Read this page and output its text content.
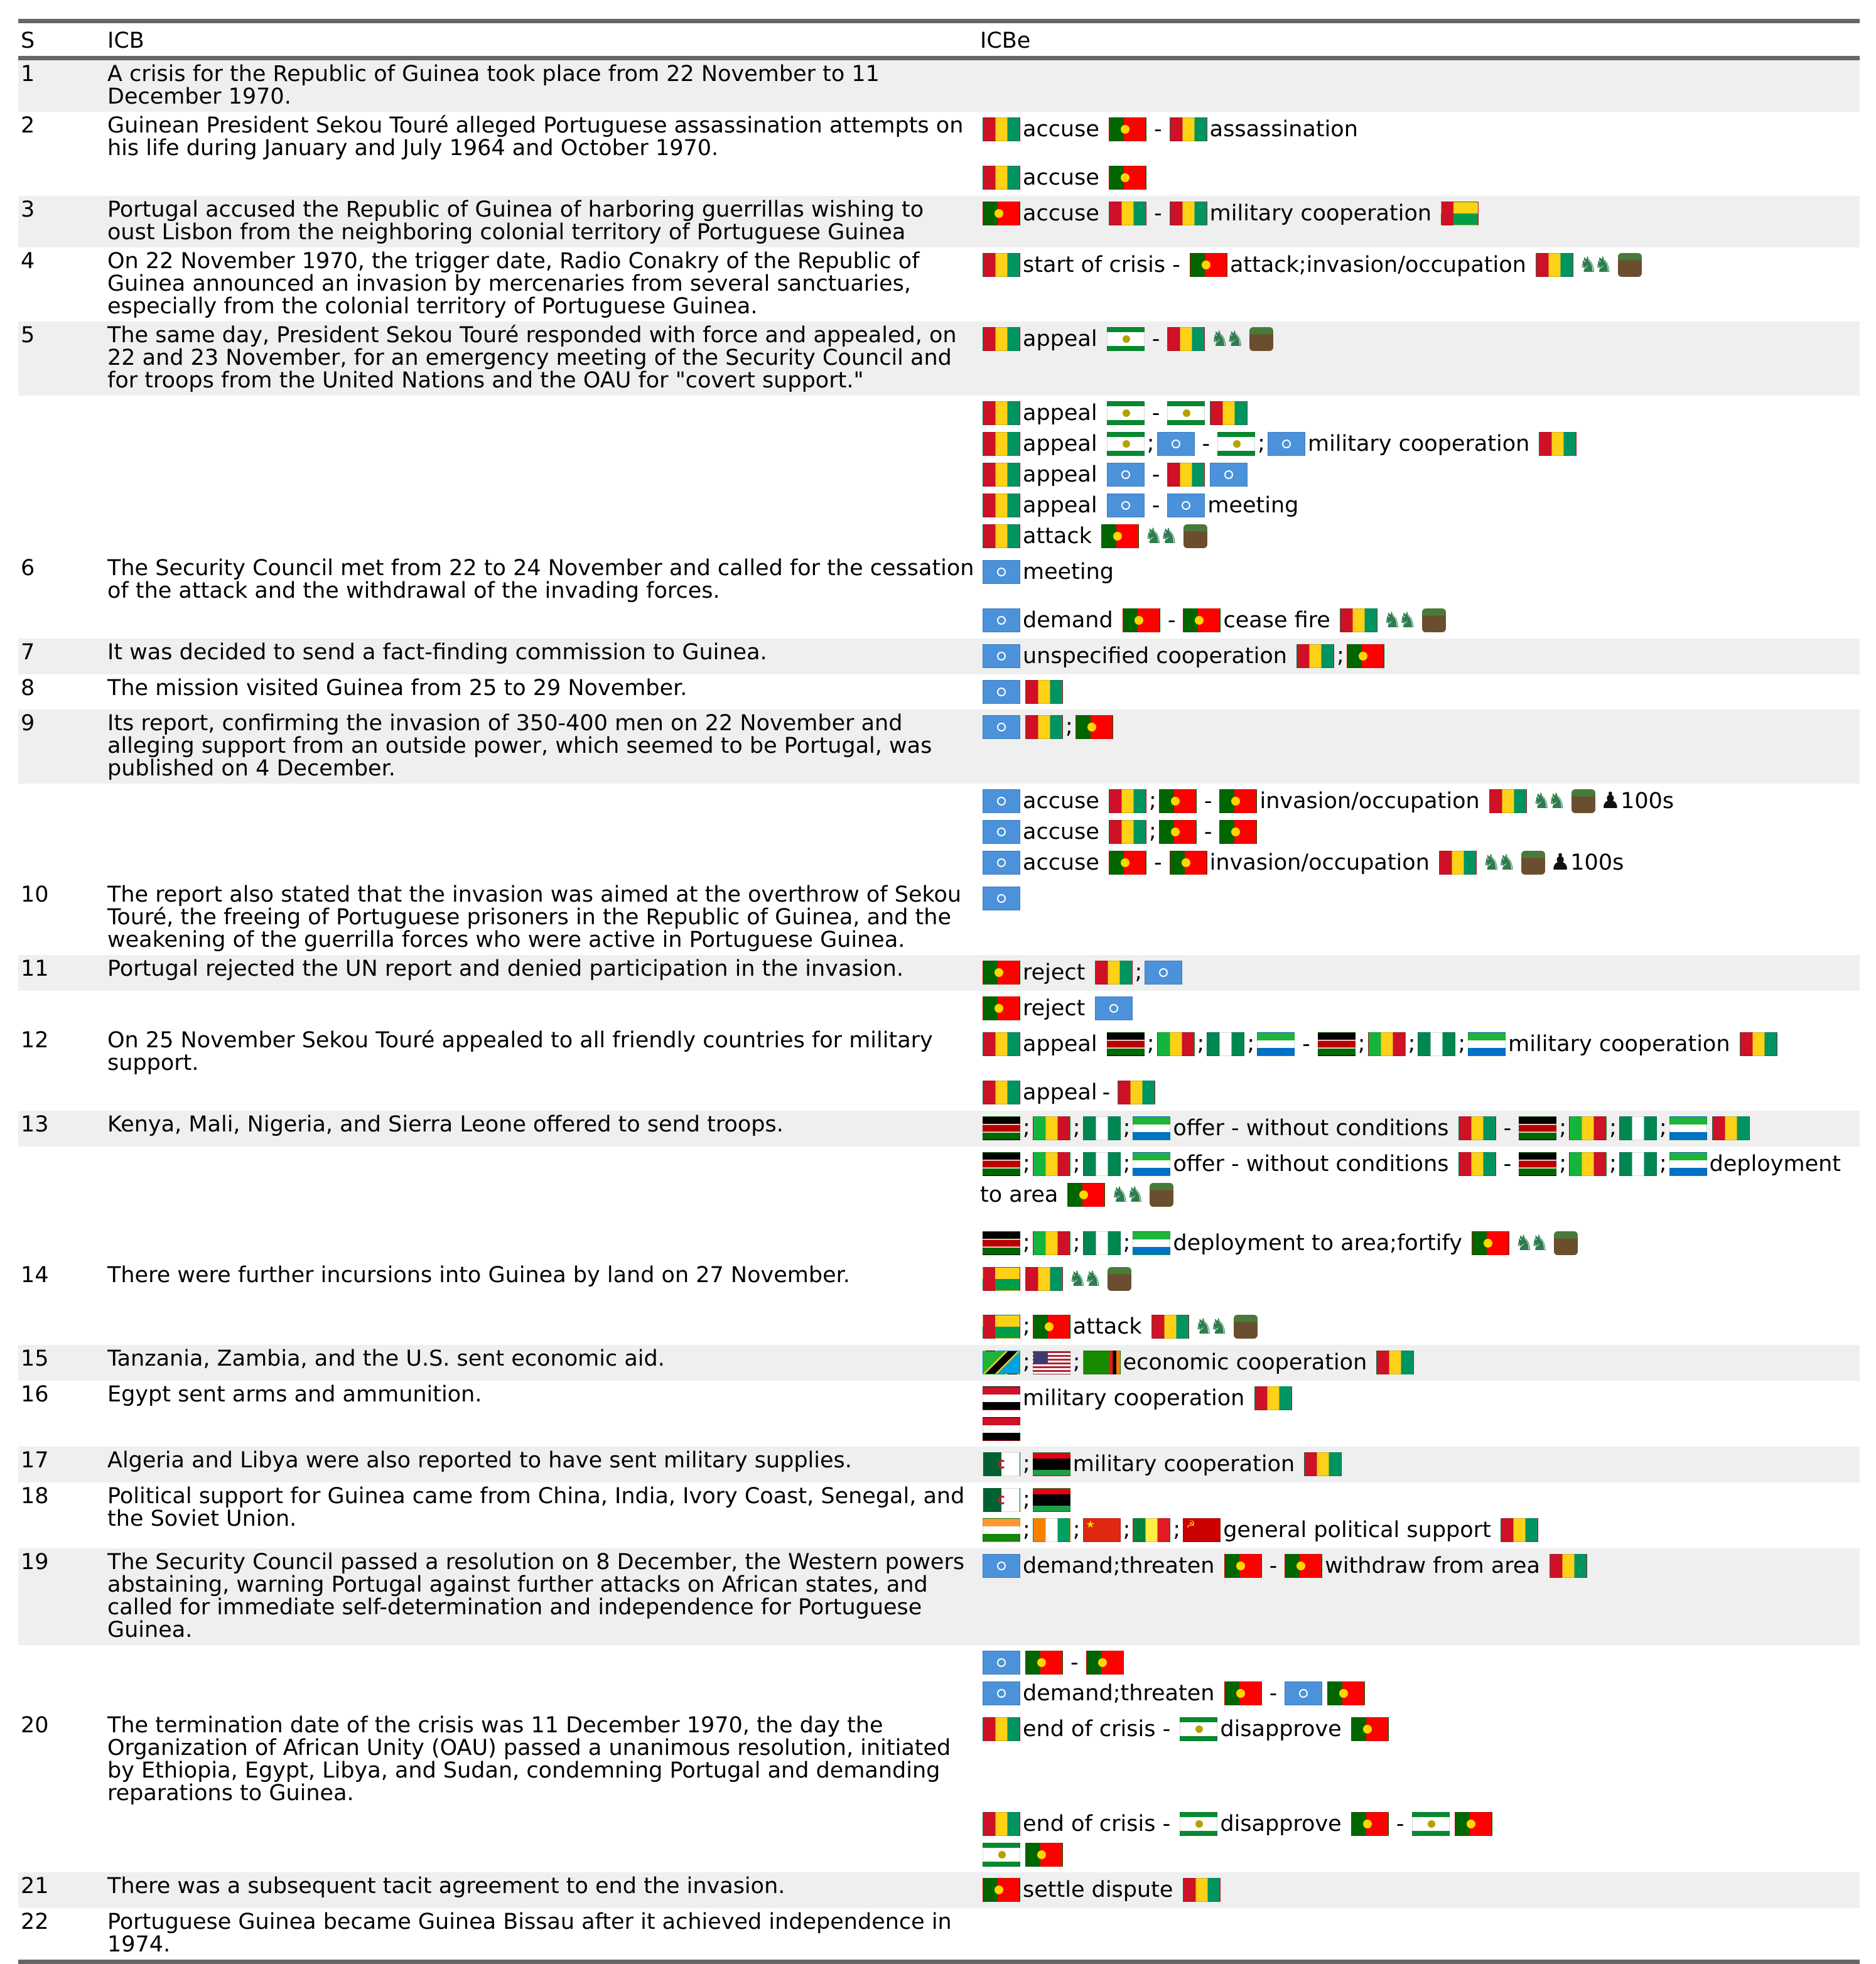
S	ICB	ICBe
1	A crisis for the Republic of Guinea took place from 22 November to 11 December 1970.	
2	Guinean President Sekou Touré alleged Portuguese assassination attempts on his life during January and July 1964 and October 1970.	accuse - assassination
accuse

3	Portugal accused the Republic of Guinea of harboring guerrillas wishing to oust Lisbon from the neighboring colonial territory of Portuguese Guinea	accuse - military cooperation

4	On 22 November 1970, the trigger date, Radio Conakry of the Republic of Guinea announced an invasion by mercenaries from several sanctuaries, especially from the colonial territory of Portuguese Guinea.	start of crisis - attack;invasion/occupation ♞♞

5	The same day, President Sekou Touré responded with force and appealed, on 22 and 23 November, for an emergency meeting of the Security Council and for troops from the United Nations and the OAU for "covert support."	appeal - ♞♞

		appeal -
appeal ; - ; military cooperation
appeal -
appeal - meeting
attack ♞♞

6	The Security Council met from 22 to 24 November and called for the cessation of the attack and the withdrawal of the invading forces.	meeting
demand - cease fire ♞♞

7	It was decided to send a fact-finding commission to Guinea.	unspecified cooperation ;

8	The mission visited Guinea from 25 to 29 November.	

9	Its report, confirming the invasion of 350-400 men on 22 November and alleging support from an outside power, which seemed to be Portugal, was published on 4 December.	;

		accuse ; - invasion/occupation ♞♞ ♟100s
accuse ; -
accuse - invasion/occupation ♞♞ ♟100s

10	The report also stated that the invasion was aimed at the overthrow of Sekou Touré, the freeing of Portuguese prisoners in the Republic of Guinea, and the weakening of the guerrilla forces who were active in Portuguese Guinea.	

11	Portugal rejected the UN report and denied participation in the invasion.	reject ;

		reject

12	On 25 November Sekou Touré appealed to all friendly countries for military support.	appeal ; ; ; - ; ; ; military cooperation
appeal -

13	Kenya, Mali, Nigeria, and Sierra Leone offered to send troops.	; ; ; offer - without conditions - ; ; ;

		; ; ; offer - without conditions - ; ; ; deployment
to area ♞♞
; ; ; deployment to area;fortify ♞♞

14	There were further incursions into Guinea by land on 27 November.	♞♞
; attack ♞♞

15	Tanzania, Zambia, and the U.S. sent economic aid.	; ; economic cooperation

16	Egypt sent arms and ammunition.	military cooperation

17	Algeria and Libya were also reported to have sent military supplies.	; military cooperation

18	Political support for Guinea came from China, India, Ivory Coast, Senegal, and the Soviet Union.	;
; ; ★ ; ; ☭ general political support

19	The Security Council passed a resolution on 8 December, the Western powers abstaining, warning Portugal against further attacks on African states, and called for immediate self-determination and independence for Portuguese Guinea.	demand;threaten - withdraw from area

		-
demand;threaten -

20	The termination date of the crisis was 11 December 1970, the day the Organization of African Unity (OAU) passed a unanimous resolution, initiated by Ethiopia, Egypt, Libya, and Sudan, condemning Portugal and demanding reparations to Guinea.	end of crisis - disapprove
end of crisis - disapprove -

21	There was a subsequent tacit agreement to end the invasion.	settle dispute

22	Portuguese Guinea became Guinea Bissau after it achieved independence in 1974.	
